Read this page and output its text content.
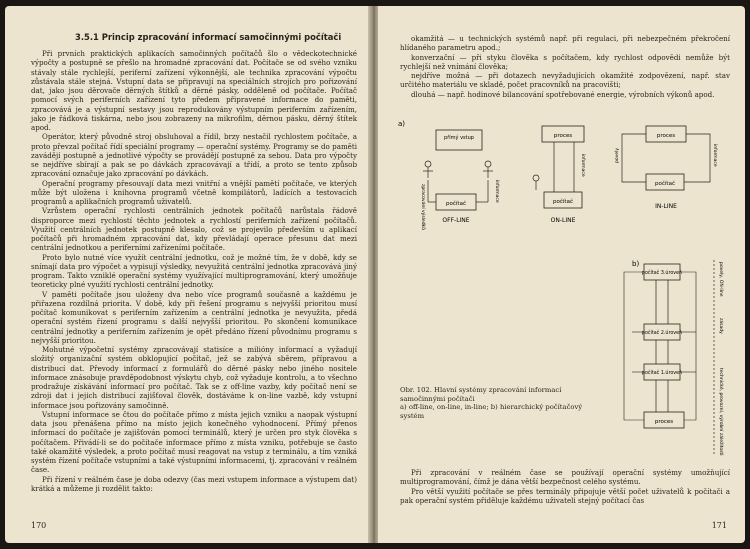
3.5.1 Princip zpracování informací samočinnými počítači

Při prvních praktických aplikacích samočinných počítačů šlo o vědeckotechnické výpočty a postupně se přešlo na hromadné zpracování dat. Počítače se od svého vzniku stávaly stále rychlejší, periferní zařízení výkonnější, ale technika zpracování výpočtu zůstávala stále stejná. Vstupní data se připravují na speciálních strojích pro pořizování dat, jako jsou děrovače děrných štítků a děrné pásky, odděleně od počítače. Počítač pomocí svých periferních zařízení tyto předem připravené informace do paměti, zpracovává je a výstupní sestavy jsou reprodukovány výstupním periferním zařízením, jako je řádková tiskárna, nebo jsou zobrazeny na mikrofilm, děrnou pásku, děrný štítek apod.

Operátor, který původně stroj obsluhoval a řídil, brzy nestačil rychlostem počítače, a proto převzal počítač řídí speciální programy — operační systémy. Programy se do paměti zavádějí postupně a jednotlivé výpočty se provádějí postupně za sebou. Data pro výpočty se nejdříve sbírají a pak se po dávkách zpracovávají a třídí, a proto se tento způsob zpracování označuje jako zpracování po dávkách.

Operační programy přesouvají data mezi vnitřní a vnější pamětí počítače, ve kterých může být uložena i knihovna programů včetně kompilátorů, ladících a testovacích programů a aplikačních programů uživatelů.

Vzrůstem operační rychlosti centrálních jednotek počítačů narůstala řádově disproporce mezi rychlostí těchto jednotek a rychlostí periferních zařízení počítačů. Využití centrálních jednotek postupně klesalo, což se projevilo především u aplikací počítačů při hromadném zpracování dat, kdy převládají operace přesunu dat mezi centrální jednotkou a periferními zařízeními počítače.

Proto bylo nutné více využít centrální jednotku, což je možné tím, že v době, kdy se snímají data pro výpočet a vypisují výsledky, nevyužitá centrální jednotka zpracovává jiný program. Takto vzniklé operační systémy využívající multiprogramování, který umožňuje teoreticky plné využití rychlosti centrální jednotky.

V paměti počítače jsou uloženy dva nebo více programů současně a každému je přiřazena rozdílná priorita. V době, kdy při řešení programu s nejvyšší prioritou musí počítač komunikovat s periferním zařízením a centrální jednotka je nevyužita, předá operační systém řízení programu s další nejvyšší prioritou. Po skončení komunikace centrální jednotky a periferním zařízením je opět předáno řízení původnímu programu s nejvyšší prioritou.

Mohutné výpočetní systémy zpracovávají statisíce a milióny informací a vyžadují složitý organizační systém obklopující počítač, jež se zabývá sběrem, přípravou a distribucí dat. Převody informací z formulářů do děrné pásky nebo jiného nositele informace znásobuje pravděpodobnost výskytu chyb, což vyžaduje kontrolu, a to všechno prodražuje získávání informací pro počítač. Tak se z off-line vazby, kdy počítač není se zdroji dat i jejich distribucí zajišťoval člověk, dostáváme k on-line vazbě, kdy vstupní informace jsou pořizovány samočinně.

Vstupní informace se čtou do počítače přímo z místa jejich vzniku a naopak výstupní data jsou přenášena přímo na místo jejich konečného vyhodnocení. Přímý přenos informací do počítače je zajišťován pomocí terminálů, který je určen pro styk člověka s počítačem. Přivádí-li se do počítače informace přímo z místa vzniku, potřebuje se často také okamžitě výsledek, a proto počítač musí reagovat na vstup z terminálu, a tím vzniká systém řízení počítače vstupními a také výstupními informacemi, tj. zpracování v reálném čase.

Při řízení v reálném čase je doba odezvy (čas mezi vstupem informace a výstupem dat) krátká a můžeme ji rozdělit takto:

170

okamžitá — u technických systémů např. při regulaci, při nebezpečném překročení hlídaného parametru apod.;

konverzační — při styku člověka s počítačem, kdy rychlost odpovědi nemůže být rychlejší než vnímání člověka;

nejdříve možná — při dotazech nevyžadujících okamžité zodpovězení, např. stav určitého materiálu ve skladě, počet pracovníků na pracovišti;

dlouhá — např. hodinové bilancování spotřebované energie, výrobních výkonů apod.

a)
přímý vstup
počítač
zpracování výsledků	informace
OFF-LINE
proces
počítač
informace
ON-LINE
proces
počítač
povely	informace
IN-LINE
b)	povely, ON-line
zásady
technické, provozní, výrobní záležitosti
počítač 3.úroveň
počítač 2.úroveň
počítač 1.úroveň
proces
Obr. 102. Hlavní systémy zpracování informací samočinnými počítači
a) off-line, on-line, in-line; b) hierarchický počítačový systém

Při zpracování v reálném čase se používají operační systémy umožňující multiprogramování, čímž je dána větší bezpečnost celého systému.

Pro větší využití počítače se přes terminály připojuje větší počet uživatelů k počítači a pak operační systém přiděluje každému uživateli stejný počítací čas

171
